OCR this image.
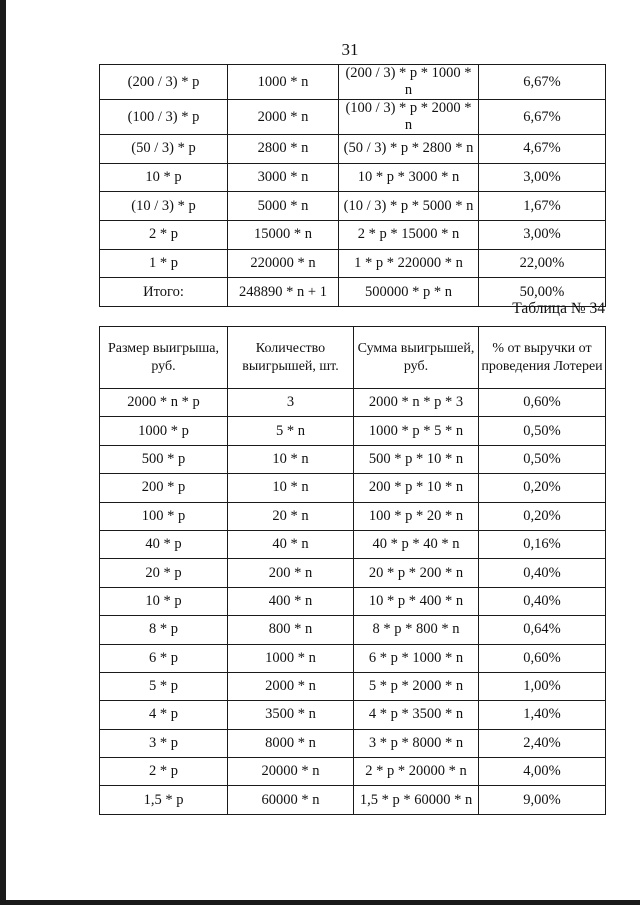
31
(200 / 3) * p	1000 * n	(200 / 3) * p * 1000 * n	6,67%
(100 / 3) * p	2000 * n	(100 / 3) * p * 2000 * n	6,67%
(50 / 3) * p	2800 * n	(50 / 3) * p * 2800 * n	4,67%
10 * p	3000 * n	10 * p * 3000 * n	3,00%
(10 / 3) * p	5000 * n	(10 / 3) * p * 5000 * n	1,67%
2 * p	15000 * n	2 * p * 15000 * n	3,00%
1 * p	220000 * n	1 * p * 220000 * n	22,00%
Итого:	248890 * n + 1	500000 * p * n	50,00%
Таблица № 34
Размер выигрыша, руб.	Количество выигрышей, шт.	Сумма выигрышей, руб.	% от выручки от проведения Лотереи
2000 * n * p	3	2000 * n * p * 3	0,60%
1000 * p	5 * n	1000 * p * 5 * n	0,50%
500 * p	10 * n	500 * p * 10 * n	0,50%
200 * p	10 * n	200 * p * 10 * n	0,20%
100 * p	20 * n	100 * p * 20 * n	0,20%
40 * p	40 * n	40 * p * 40 * n	0,16%
20 * p	200 * n	20 * p * 200 * n	0,40%
10 * p	400 * n	10 * p * 400 * n	0,40%
8 * p	800 * n	8 * p * 800 * n	0,64%
6 * p	1000 * n	6 * p * 1000 * n	0,60%
5 * p	2000 * n	5 * p * 2000 * n	1,00%
4 * p	3500 * n	4 * p * 3500 * n	1,40%
3 * p	8000 * n	3 * p * 8000 * n	2,40%
2 * p	20000 * n	2 * p * 20000 * n	4,00%
1,5 * p	60000 * n	1,5 * p * 60000 * n	9,00%
